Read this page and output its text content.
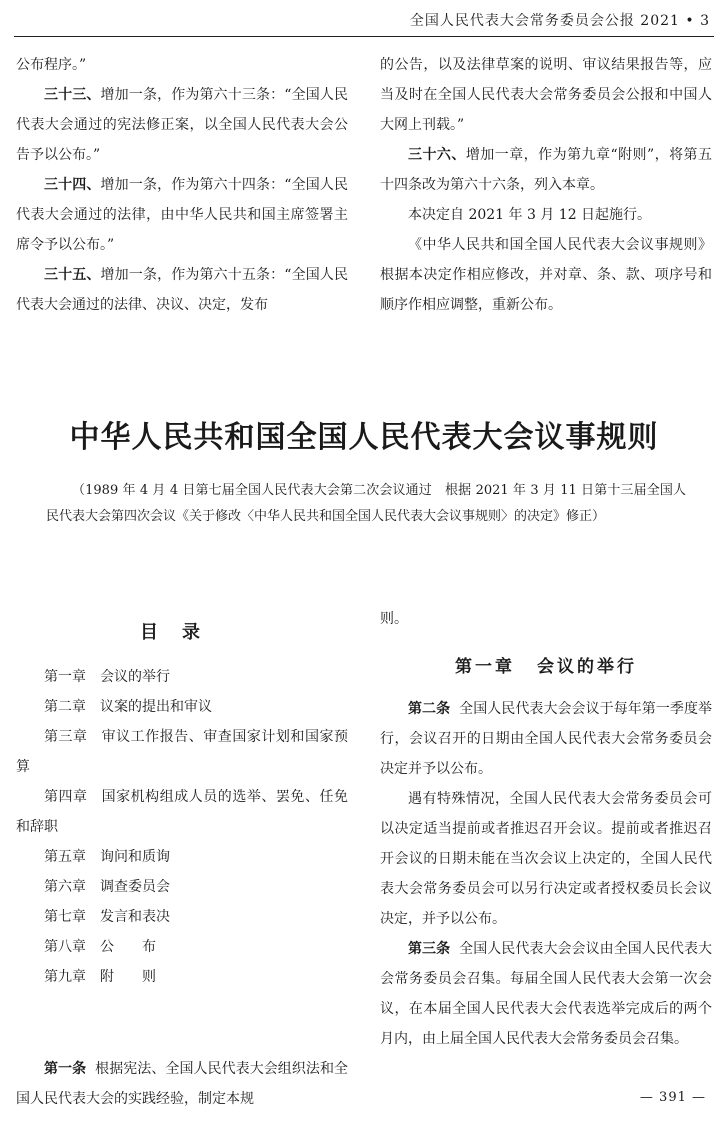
全国人民代表大会常务委员会公报 2021 • 3

公布程序。”

三十三、增加一条，作为第六十三条：“全国人民代表大会通过的宪法修正案，以全国人民代表大会公告予以公布。”

三十四、增加一条，作为第六十四条：“全国人民代表大会通过的法律，由中华人民共和国主席签署主席令予以公布。”

三十五、增加一条，作为第六十五条：“全国人民代表大会通过的法律、决议、决定，发布

的公告，以及法律草案的说明、审议结果报告等，应当及时在全国人民代表大会常务委员会公报和中国人大网上刊载。”

三十六、增加一章，作为第九章“附则”，将第五十四条改为第六十六条，列入本章。

本决定自 2021 年 3 月 12 日起施行。

《中华人民共和国全国人民代表大会议事规则》根据本决定作相应修改，并对章、条、款、项序号和顺序作相应调整，重新公布。

中华人民共和国全国人民代表大会议事规则
（1989 年 4 月 4 日第七届全国人民代表大会第二次会议通过　根据 2021 年 3 月 11 日第十三届全国人民代表大会第四次会议《关于修改〈中华人民共和国全国人民代表大会议事规则〉的决定》修正）
目录
第一章 会议的举行
第二章 议案的提出和审议
第三章 审议工作报告、审查国家计划和国家预算
第四章 国家机构组成人员的选举、罢免、任免和辞职
第五章 询问和质询
第六章 调查委员会
第七章 发言和表决
第八章 公　　布
第九章 附　　则

第一条 根据宪法、全国人民代表大会组织法和全国人民代表大会的实践经验，制定本规

则。

第一章 会议的举行

第二条 全国人民代表大会会议于每年第一季度举行，会议召开的日期由全国人民代表大会常务委员会决定并予以公布。

遇有特殊情况，全国人民代表大会常务委员会可以决定适当提前或者推迟召开会议。提前或者推迟召开会议的日期未能在当次会议上决定的，全国人民代表大会常务委员会可以另行决定或者授权委员长会议决定，并予以公布。

第三条 全国人民代表大会会议由全国人民代表大会常务委员会召集。每届全国人民代表大会第一次会议，在本届全国人民代表大会代表选举完成后的两个月内，由上届全国人民代表大会常务委员会召集。

— 391 —
